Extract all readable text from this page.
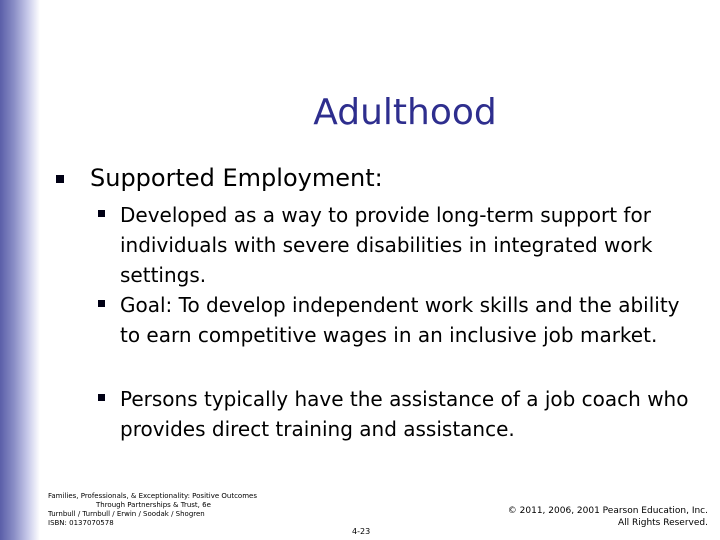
Adulthood
Supported Employment:
Developed as a way to provide long-term support for individuals with severe disabilities in integrated work settings.
Goal: To develop independent work skills and the ability to earn competitive wages in an inclusive job market.
Persons typically have the assistance of a job coach who provides direct training and assistance.
Families, Professionals, & Exceptionality: Positive Outcomes
Through Partnerships & Trust, 6e
Turnbull / Turnbull / Erwin / Soodak / Shogren
ISBN: 0137070578
4-23
© 2011, 2006, 2001 Pearson Education, Inc.
All Rights Reserved.
